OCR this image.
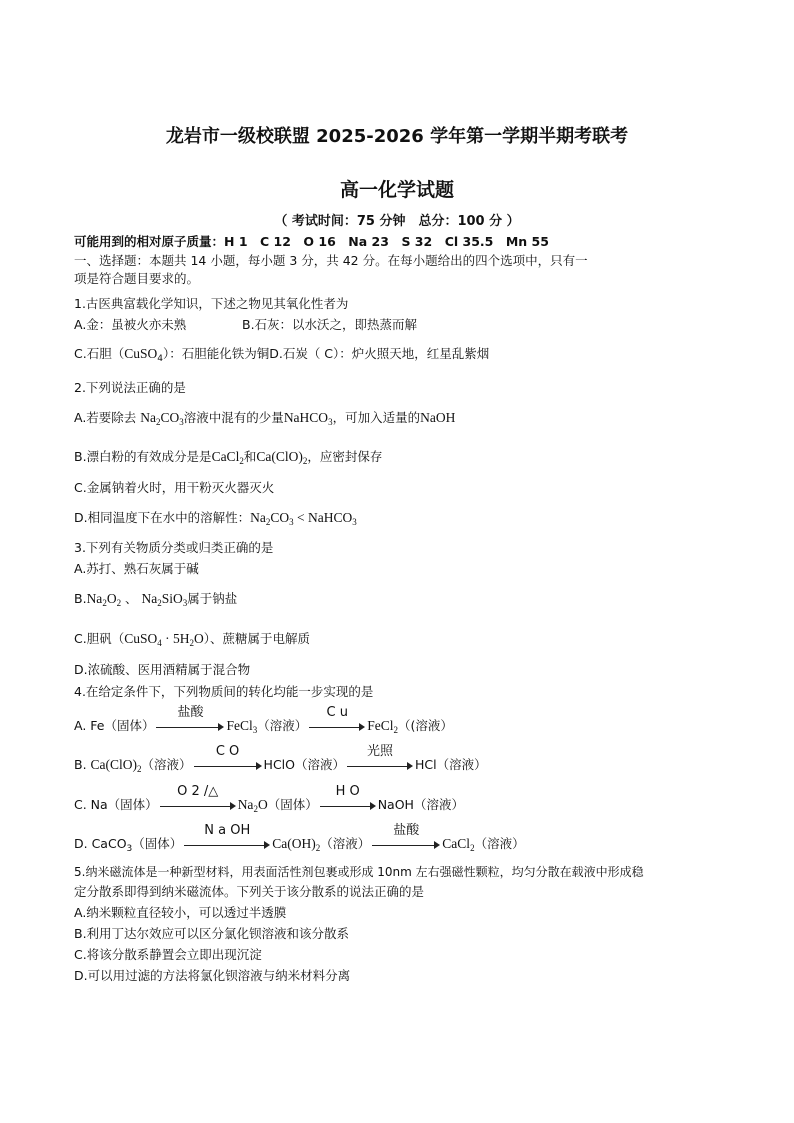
龙岩市一级校联盟 2025-2026 学年第一学期半期考联考
高一化学试题
（ 考试时间：75 分钟　总分：100 分 ）
可能用到的相对原子质量：H 1　C 12　O 16　Na 23　S 32　Cl 35.5　Mn 55
一、选择题：本题共 14 小题，每小题 3 分，共 42 分。在每小题给出的四个选项中，只有一
项是符合题目要求的。
1.古医典富载化学知识，下述之物见其氧化性者为
A.金：虽被火亦未熟	B.石灰：以水沃之，即热蒸而解
C.石胆（CuSO$_4$）：石胆能化铁为铜D.石炭（ C）：炉火照天地，红星乱紫烟
2.下列说法正确的是
A.若要除去 $Na_2CO_3$溶液中混有的少量NaHCO$_3$，可加入适量的NaOH
B.漂白粉的有效成分是是CaCl$_2$和$Ca(ClO)_2$，应密封保存
C.金属钠着火时，用干粉灭火器灭火
D.相同温度下在水中的溶解性：$Na_2CO_3$ < NaHCO$_3$
3.下列有关物质分类或归类正确的是
A.苏打、熟石灰属于碱
$B.Na_2O_2$ 、 $Na_2SiO_3$属于钠盐
C.胆矾（CuSO$_4$ · $5H_2O$）、蔗糖属于电解质
D.浓硫酸、医用酒精属于混合物
4.在给定条件下，下列物质间的转化均能一步实现的是
A. Fe（固体）
盐酸
FeCl$_3$（溶液）
C u
FeCl$_2$（(溶液）
B. $Ca(ClO)_2$（溶液）
C O
HClO（溶液）
光照
HCl（溶液）
C. Na（固体）
O 2 /△
$Na_2O$（固体）
H O
NaOH（溶液）
D. CaCO$_3$（固体）
N a OH
$Ca(OH)_2$（溶液）
盐酸
CaCl$_2$（溶液）
5.纳米磁流体是一种新型材料，用表面活性剂包裹或形成 10nm 左右强磁性颗粒，均匀分散在载液中形成稳
定分散系即得到纳米磁流体。下列关于该分散系的说法正确的是
A.纳米颗粒直径较小，可以透过半透膜
B.利用丁达尔效应可以区分氯化钡溶液和该分散系
C.将该分散系静置会立即出现沉淀
D.可以用过滤的方法将氯化钡溶液与纳米材料分离
